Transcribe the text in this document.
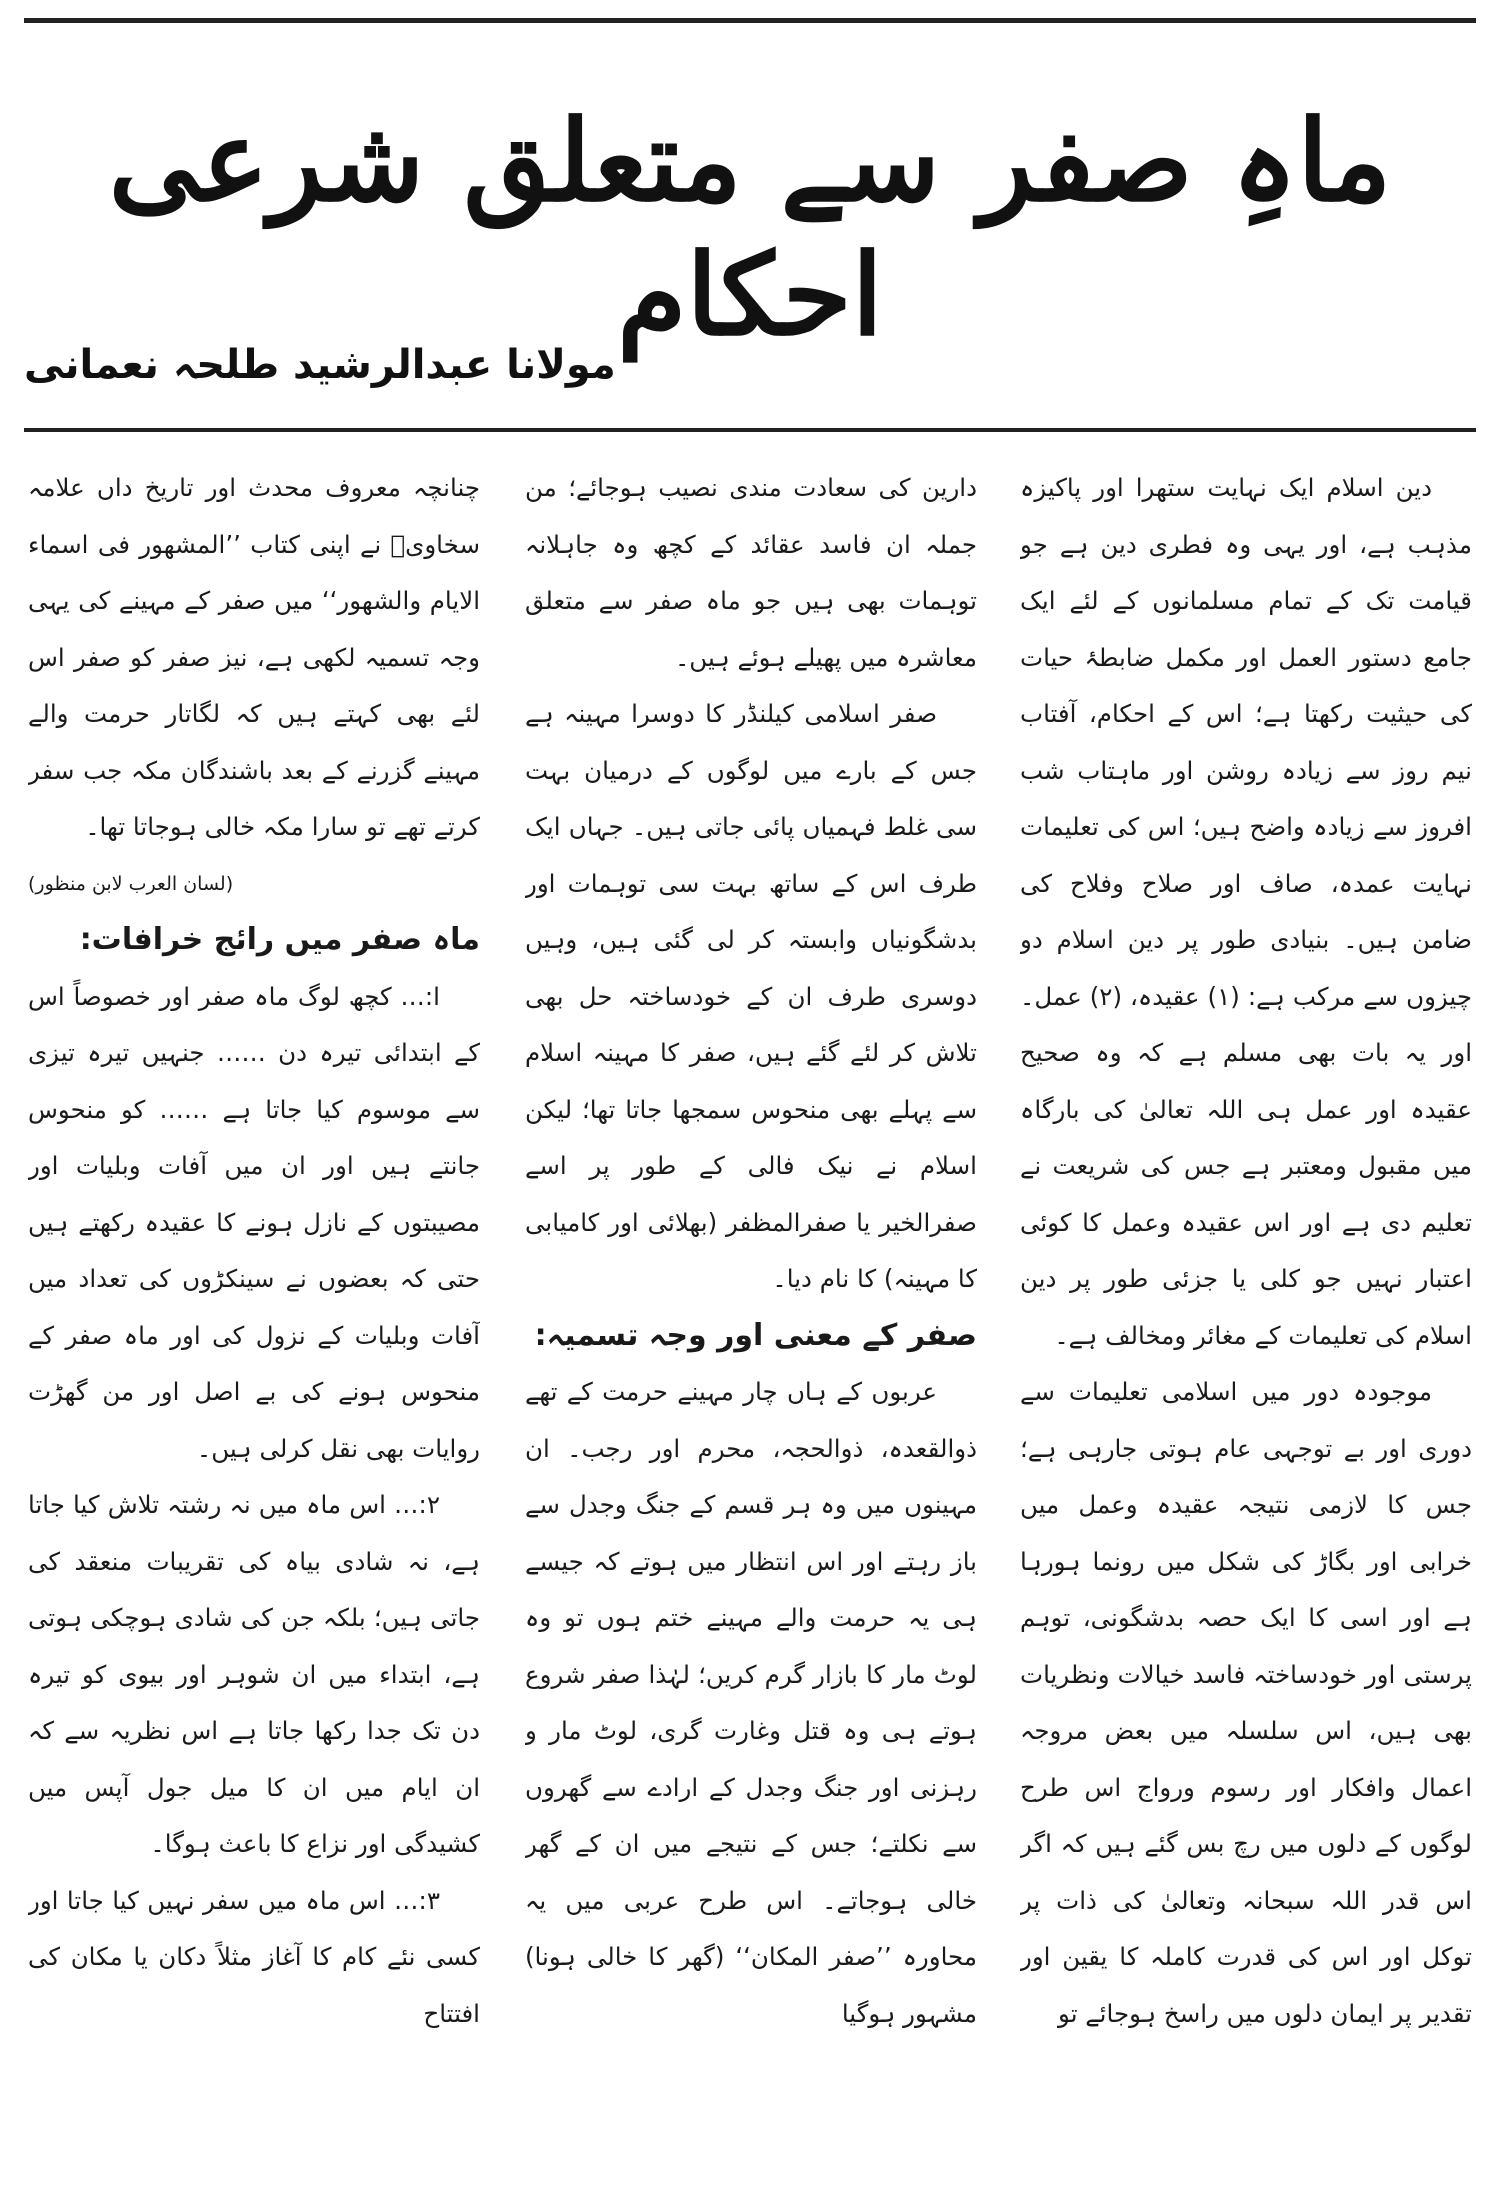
ماہِ صفر سے متعلق شرعی احکام
مولانا عبدالرشید طلحہ نعمانی

دین اسلام ایک نہایت ستھرا اور پاکیزہ مذہب ہے، اور یہی وہ فطری دین ہے جو قیامت تک کے تمام مسلمانوں کے لئے ایک جامع دستور العمل اور مکمل ضابطۂ حیات کی حیثیت رکھتا ہے؛ اس کے احکام، آفتاب نیم روز سے زیادہ روشن اور ماہتاب شب افروز سے زیادہ واضح ہیں؛ اس کی تعلیمات نہایت عمدہ، صاف اور صلاح وفلاح کی ضامن ہیں۔ بنیادی طور پر دین اسلام دو چیزوں سے مرکب ہے: (۱) عقیدہ، (۲) عمل۔ اور یہ بات بھی مسلم ہے کہ وہ صحیح عقیدہ اور عمل ہی اللہ تعالیٰ کی بارگاہ میں مقبول ومعتبر ہے جس کی شریعت نے تعلیم دی ہے اور اس عقیدہ وعمل کا کوئی اعتبار نہیں جو کلی یا جزئی طور پر دین اسلام کی تعلیمات کے مغائر ومخالف ہے۔

موجودہ دور میں اسلامی تعلیمات سے دوری اور بے توجہی عام ہوتی جارہی ہے؛ جس کا لازمی نتیجہ عقیدہ وعمل میں خرابی اور بگاڑ کی شکل میں رونما ہورہا ہے اور اسی کا ایک حصہ بدشگونی، توہم پرستی اور خودساختہ فاسد خیالات ونظریات بھی ہیں، اس سلسلہ میں بعض مروجہ اعمال وافکار اور رسوم ورواج اس طرح لوگوں کے دلوں میں رچ بس گئے ہیں کہ اگر اس قدر اللہ سبحانہ وتعالیٰ کی ذات پر توکل اور اس کی قدرت کاملہ کا یقین اور تقدیر پر ایمان دلوں میں راسخ ہوجائے تو

دارین کی سعادت مندی نصیب ہوجائے؛ من جملہ ان فاسد عقائد کے کچھ وہ جاہلانہ توہمات بھی ہیں جو ماہ صفر سے متعلق معاشرہ میں پھیلے ہوئے ہیں۔

صفر اسلامی کیلنڈر کا دوسرا مہینہ ہے جس کے بارے میں لوگوں کے درمیان بہت سی غلط فہمیاں پائی جاتی ہیں۔ جہاں ایک طرف اس کے ساتھ بہت سی توہمات اور بدشگونیاں وابستہ کر لی گئی ہیں، وہیں دوسری طرف ان کے خودساختہ حل بھی تلاش کر لئے گئے ہیں، صفر کا مہینہ اسلام سے پہلے بھی منحوس سمجھا جاتا تھا؛ لیکن اسلام نے نیک فالی کے طور پر اسے صفرالخیر یا صفرالمظفر (بھلائی اور کامیابی کا مہینہ) کا نام دیا۔

صفر کے معنی اور وجہ تسمیہ:

عربوں کے ہاں چار مہینے حرمت کے تھے ذوالقعدہ، ذوالحجہ، محرم اور رجب۔ ان مہینوں میں وہ ہر قسم کے جنگ وجدل سے باز رہتے اور اس انتظار میں ہوتے کہ جیسے ہی یہ حرمت والے مہینے ختم ہوں تو وہ لوٹ مار کا بازار گرم کریں؛ لہٰذا صفر شروع ہوتے ہی وہ قتل وغارت گری، لوٹ مار و رہزنی اور جنگ وجدل کے ارادے سے گھروں سے نکلتے؛ جس کے نتیجے میں ان کے گھر خالی ہوجاتے۔ اس طرح عربی میں یہ محاورہ ’’صفر المکان‘‘ (گھر کا خالی ہونا) مشہور ہوگیا

چنانچہ معروف محدث اور تاریخ داں علامہ سخاویؒ نے اپنی کتاب ’’المشھور فی اسماء الایام والشھور‘‘ میں صفر کے مہینے کی یہی وجہ تسمیہ لکھی ہے، نیز صفر کو صفر اس لئے بھی کہتے ہیں کہ لگاتار حرمت والے مہینے گزرنے کے بعد باشندگان مکہ جب سفر کرتے تھے تو سارا مکہ خالی ہوجاتا تھا۔

(لسان العرب لابن منظور)

ماہ صفر میں رائج خرافات:

ا:… کچھ لوگ ماہ صفر اور خصوصاً اس کے ابتدائی تیرہ دن …… جنہیں تیرہ تیزی سے موسوم کیا جاتا ہے …… کو منحوس جانتے ہیں اور ان میں آفات وبلیات اور مصیبتوں کے نازل ہونے کا عقیدہ رکھتے ہیں حتی کہ بعضوں نے سینکڑوں کی تعداد میں آفات وبلیات کے نزول کی اور ماہ صفر کے منحوس ہونے کی بے اصل اور من گھڑت روایات بھی نقل کرلی ہیں۔

۲:… اس ماہ میں نہ رشتہ تلاش کیا جاتا ہے، نہ شادی بیاہ کی تقریبات منعقد کی جاتی ہیں؛ بلکہ جن کی شادی ہوچکی ہوتی ہے، ابتداء میں ان شوہر اور بیوی کو تیرہ دن تک جدا رکھا جاتا ہے اس نظریہ سے کہ ان ایام میں ان کا میل جول آپس میں کشیدگی اور نزاع کا باعث ہوگا۔

۳:… اس ماہ میں سفر نہیں کیا جاتا اور کسی نئے کام کا آغاز مثلاً دکان یا مکان کی افتتاح
